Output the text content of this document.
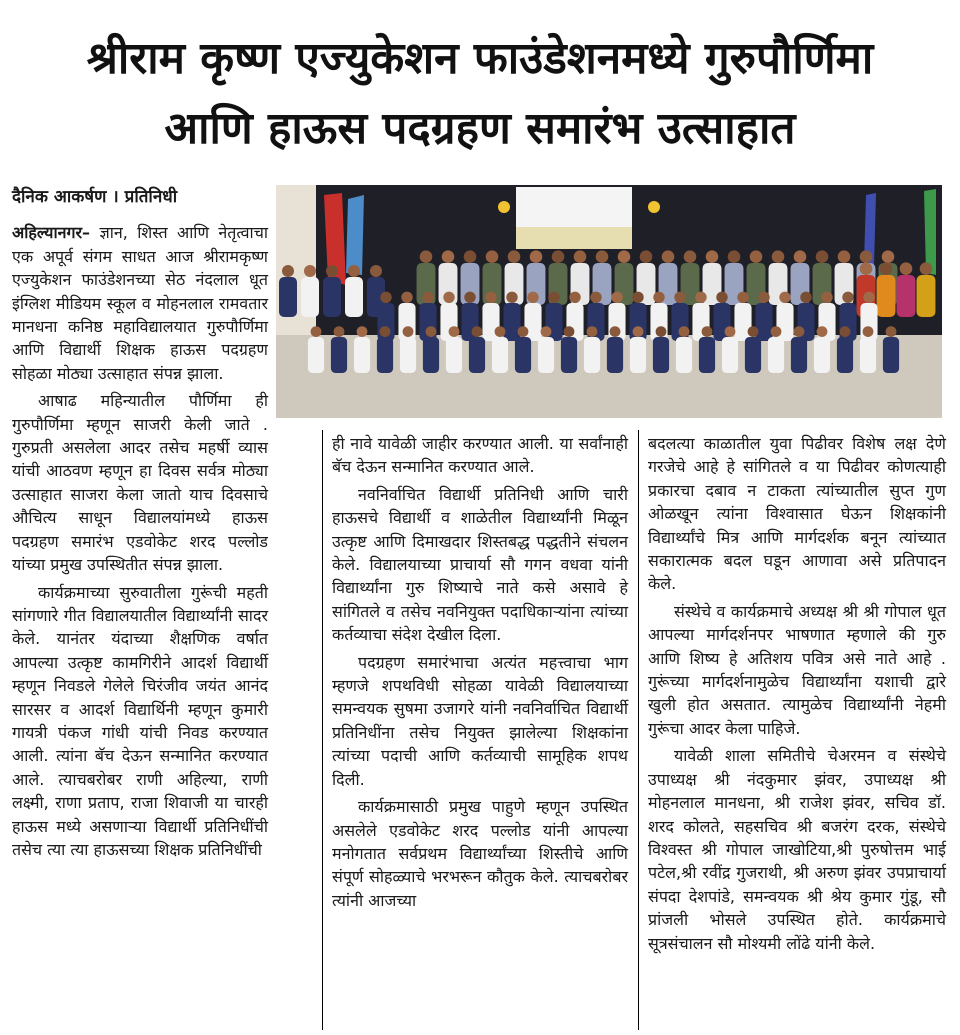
श्रीराम कृष्ण एज्युकेशन फाउंडेशनमध्ये गुरुपौर्णिमा
आणि हाऊस पदग्रहण समारंभ उत्साहात
दैनिक आकर्षण । प्रतिनिधी

अहिल्यानगर– ज्ञान, शिस्त आणि नेतृत्वाचा एक अपूर्व संगम साधत आज श्रीरामकृष्ण एज्युकेशन फाउंडेशनच्या सेठ नंदलाल धूत इंग्लिश मीडियम स्कूल व मोहनलाल रामवतार मानधना कनिष्ठ महाविद्यालयात गुरुपौर्णिमा आणि विद्यार्थी शिक्षक हाऊस पदग्रहण सोहळा मोठ्या उत्साहात संपन्न झाला.

आषाढ महिन्यातील पौर्णिमा ही गुरुपौर्णिमा म्हणून साजरी केली जाते . गुरुप्रती असलेला आदर तसेच महर्षी व्यास यांची आठवण म्हणून हा दिवस सर्वत्र मोठ्या उत्साहात साजरा केला जातो याच दिवसाचे औचित्य साधून विद्यालयांमध्ये हाऊस पदग्रहण समारंभ एडवोकेट शरद पल्लोड यांच्या प्रमुख उपस्थितीत संपन्न झाला.

कार्यक्रमाच्या सुरुवातीला गुरूंची महती सांगणारे गीत विद्यालयातील विद्यार्थ्यांनी सादर केले. यानंतर यंदाच्या शैक्षणिक वर्षात आपल्या उत्कृष्ट कामगिरीने आदर्श विद्यार्थी म्हणून निवडले गेलेले चिरंजीव जयंत आनंद सारसर व आदर्श विद्यार्थिनी म्हणून कुमारी गायत्री पंकज गांधी यांची निवड करण्यात आली. त्यांना बॅच देऊन सन्मानित करण्यात आले. त्याचबरोबर राणी अहिल्या, राणी लक्ष्मी, राणा प्रताप, राजा शिवाजी या चारही हाऊस मध्ये असणाऱ्या विद्यार्थी प्रतिनिधींची तसेच त्या त्या हाऊसच्या शिक्षक प्रतिनिधींची

ही नावे यावेळी जाहीर करण्यात आली. या सर्वांनाही बॅच देऊन सन्मानित करण्यात आले.

नवनिर्वाचित विद्यार्थी प्रतिनिधी आणि चारी हाऊसचे विद्यार्थी व शाळेतील विद्यार्थ्यांनी मिळून उत्कृष्ट आणि दिमाखदार शिस्तबद्ध पद्धतीने संचलन केले. विद्यालयाच्या प्राचार्या सौ गगन वधवा यांनी विद्यार्थ्यांना गुरु शिष्याचे नाते कसे असावे हे सांगितले व तसेच नवनियुक्त पदाधिकाऱ्यांना त्यांच्या कर्तव्याचा संदेश देखील दिला.

पदग्रहण समारंभाचा अत्यंत महत्त्वाचा भाग म्हणजे शपथविधी सोहळा यावेळी विद्यालयाच्या समन्वयक सुषमा उजागरे यांनी नवनिर्वाचित विद्यार्थी प्रतिनिधींना तसेच नियुक्त झालेल्या शिक्षकांना त्यांच्या पदाची आणि कर्तव्याची सामूहिक शपथ दिली.

कार्यक्रमासाठी प्रमुख पाहुणे म्हणून उपस्थित असलेले एडवोकेट शरद पल्लोड यांनी आपल्या मनोगतात सर्वप्रथम विद्यार्थ्यांच्या शिस्तीचे आणि संपूर्ण सोहळ्याचे भरभरून कौतुक केले. त्याचबरोबर त्यांनी आजच्या

बदलत्या काळातील युवा पिढीवर विशेष लक्ष देणे गरजेचे आहे हे सांगितले व या पिढीवर कोणत्याही प्रकारचा दबाव न टाकता त्यांच्यातील सुप्त गुण ओळखून त्यांना विश्वासात घेऊन शिक्षकांनी विद्यार्थ्यांचे मित्र आणि मार्गदर्शक बनून त्यांच्यात सकारात्मक बदल घडून आणावा असे प्रतिपादन केले.

संस्थेचे व कार्यक्रमाचे अध्यक्ष श्री श्री गोपाल धूत आपल्या मार्गदर्शनपर भाषणात म्हणाले की गुरु आणि शिष्य हे अतिशय पवित्र असे नाते आहे . गुरूंच्या मार्गदर्शनामुळेच विद्यार्थ्यांना यशाची द्वारे खुली होत असतात. त्यामुळेच विद्यार्थ्यांनी नेहमी गुरूंचा आदर केला पाहिजे.

यावेळी शाला समितीचे चेअरमन व संस्थेचे उपाध्यक्ष श्री नंदकुमार झंवर, उपाध्यक्ष श्री मोहनलाल मानधना, श्री राजेश झंवर, सचिव डॉ. शरद कोलते, सहसचिव श्री बजरंग दरक, संस्थेचे विश्वस्त श्री गोपाल जाखोटिया,श्री पुरुषोत्तम भाई पटेल,श्री रवींद्र गुजराथी, श्री अरुण झंवर उपप्राचार्या संपदा देशपांडे, समन्वयक श्री श्रेय कुमार गुंडू, सौ प्रांजली भोसले उपस्थित होते. कार्यक्रमाचे सूत्रसंचालन सौ मोश्यमी लोंढे यांनी केले.
